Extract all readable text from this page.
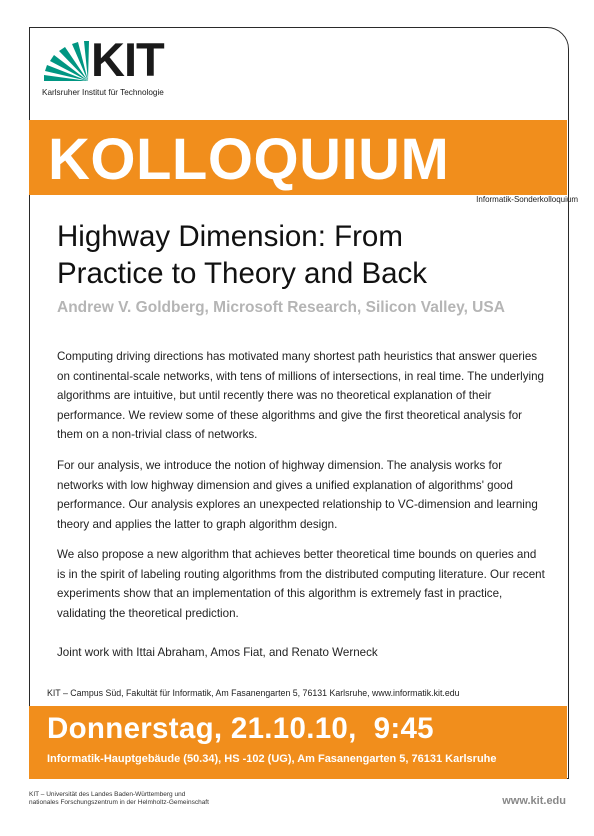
KIT
Karlsruher Institut für Technologie
KOLLOQUIUM
Informatik-Sonderkolloquium
Highway Dimension: From
Practice to Theory and Back
Andrew V. Goldberg, Microsoft Research, Silicon Valley, USA
Computing driving directions has motivated many shortest path heuristics that answer queries on continental-scale networks, with tens of millions of intersections, in real time. The underlying algorithms are intuitive, but until recently there was no theoretical explanation of their performance. We review some of these algorithms and give the first theoretical analysis for them on a non-trivial class of networks.
For our analysis, we introduce the notion of highway dimension. The analysis works for networks with low highway dimension and gives a unified explanation of algorithms' good performance. Our analysis explores an unexpected relationship to VC-dimension and learning theory and applies the latter to graph algorithm design.
We also propose a new algorithm that achieves better theoretical time bounds on queries and is in the spirit of labeling routing algorithms from the distributed computing literature. Our recent experiments show that an implementation of this algorithm is extremely fast in practice, validating the theoretical prediction.
Joint work with Ittai Abraham, Amos Fiat, and Renato Werneck
KIT – Campus Süd, Fakultät für Informatik, Am Fasanengarten 5, 76131 Karlsruhe, www.informatik.kit.edu
Donnerstag, 21.10.10,  9:45
Informatik-Hauptgebäude (50.34), HS -102 (UG), Am Fasanengarten 5, 76131 Karlsruhe
KIT – Universität des Landes Baden-Württemberg und
nationales Forschungszentrum in der Helmholtz-Gemeinschaft	www.kit.edu
